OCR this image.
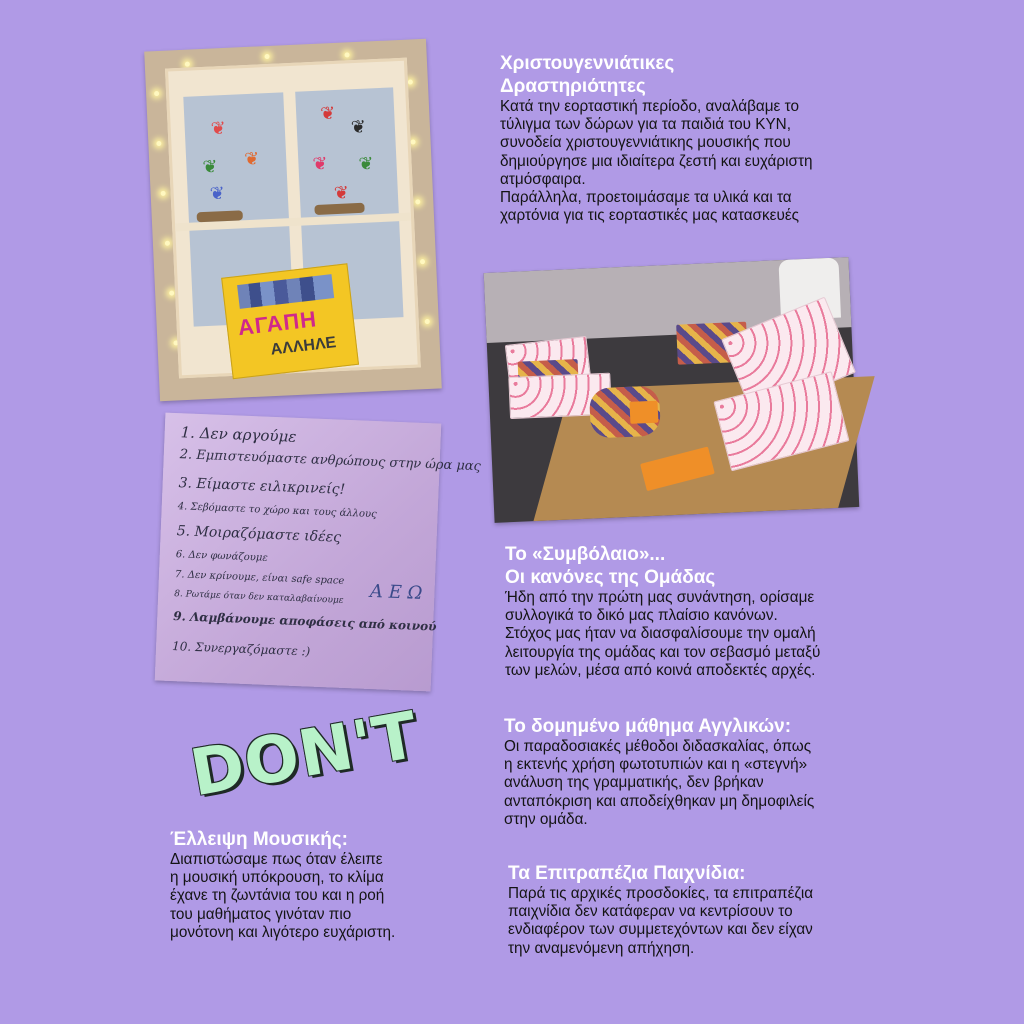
❦
❦ ❦
❦
❦
❦
❦ ❦
❦
ΑΓΑΠΗ
ΑΛΛΗΛΕ
1. Δεν αργούμε
2. Εμπιστευόμαστε ανθρώπους στην ώρα μας
3. Είμαστε ειλικρινείς!
4. Σεβόμαστε το χώρο και τους άλλους
5. Μοιραζόμαστε ιδέες
6. Δεν φωνάζουμε
7. Δεν κρίνουμε, είναι safe space
8. Ρωτάμε όταν δεν καταλαβαίνουμε
9. Λαμβάνουμε αποφάσεις από κοινού
10. Συνεργαζόμαστε :)
Α Ε Ω
DON'T
Χριστουγεννιάτικες
Δραστηριότητες
Κατά την εορταστική περίοδο, αναλάβαμε το
τύλιγμα των δώρων για τα παιδιά του ΚΥΝ,
συνοδεία χριστουγεννιάτικης μουσικής που
δημιούργησε μια ιδιαίτερα ζεστή και ευχάριστη
ατμόσφαιρα.
Παράλληλα, προετοιμάσαμε τα υλικά και τα
χαρτόνια για τις εορταστικές μας κατασκευές
Το «Συμβόλαιο»...
Οι κανόνες της Ομάδας
Ήδη από την πρώτη μας συνάντηση, ορίσαμε
συλλογικά το δικό μας πλαίσιο κανόνων.
Στόχος μας ήταν να διασφαλίσουμε την ομαλή
λειτουργία της ομάδας και τον σεβασμό μεταξύ
των μελών, μέσα από κοινά αποδεκτές αρχές.
Το δομημένο μάθημα Αγγλικών:
Οι παραδοσιακές μέθοδοι διδασκαλίας, όπως
η εκτενής χρήση φωτοτυπιών και η «στεγνή»
ανάλυση της γραμματικής, δεν βρήκαν
ανταπόκριση και αποδείχθηκαν μη δημοφιλείς
στην ομάδα.
Έλλειψη Μουσικής:
Διαπιστώσαμε πως όταν έλειπε
η μουσική υπόκρουση, το κλίμα
έχανε τη ζωντάνια του και η ροή
του μαθήματος γινόταν πιο
μονότονη και λιγότερο ευχάριστη.
Τα Επιτραπέζια Παιχνίδια:
Παρά τις αρχικές προσδοκίες, τα επιτραπέζια
παιχνίδια δεν κατάφεραν να κεντρίσουν το
ενδιαφέρον των συμμετεχόντων και δεν είχαν
την αναμενόμενη απήχηση.
